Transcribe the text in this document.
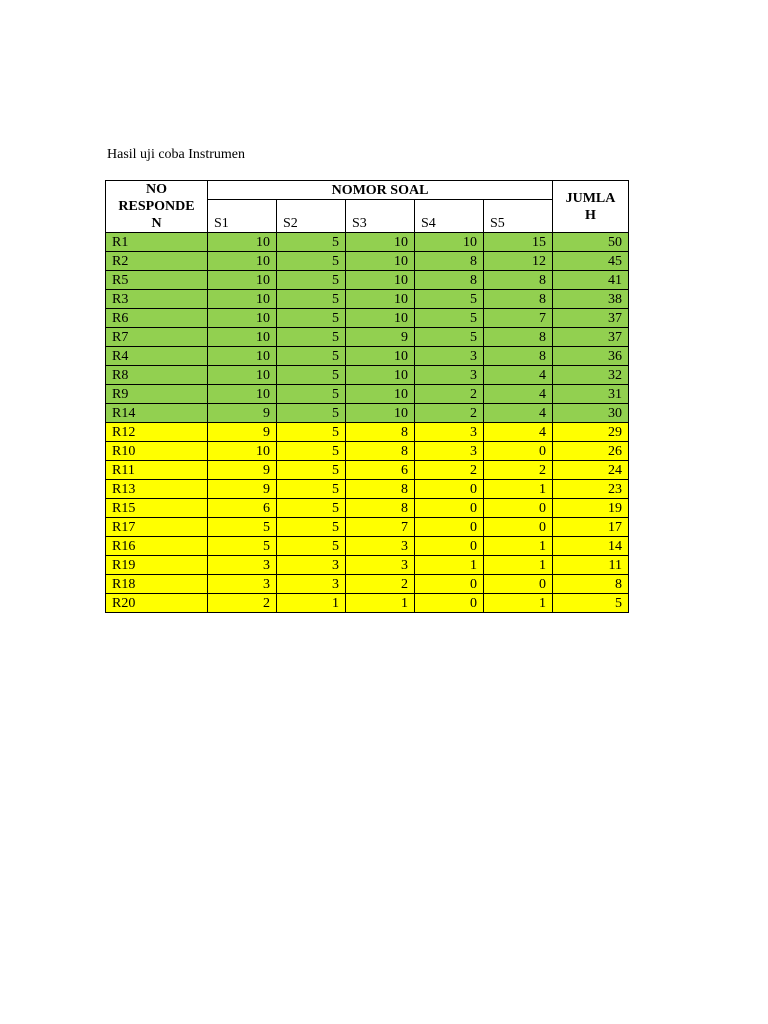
Hasil uji coba Instrumen
NO RESPONDE N	NOMOR SOAL					JUMLA H
	S1	S2	S3	S4	S5	
R1	10	5	10	10	15	50
R2	10	5	10	8	12	45
R5	10	5	10	8	8	41
R3	10	5	10	5	8	38
R6	10	5	10	5	7	37
R7	10	5	9	5	8	37
R4	10	5	10	3	8	36
R8	10	5	10	3	4	32
R9	10	5	10	2	4	31
R14	9	5	10	2	4	30
R12	9	5	8	3	4	29
R10	10	5	8	3	0	26
R11	9	5	6	2	2	24
R13	9	5	8	0	1	23
R15	6	5	8	0	0	19
R17	5	5	7	0	0	17
R16	5	5	3	0	1	14
R19	3	3	3	1	1	11
R18	3	3	2	0	0	8
R20	2	1	1	0	1	5
